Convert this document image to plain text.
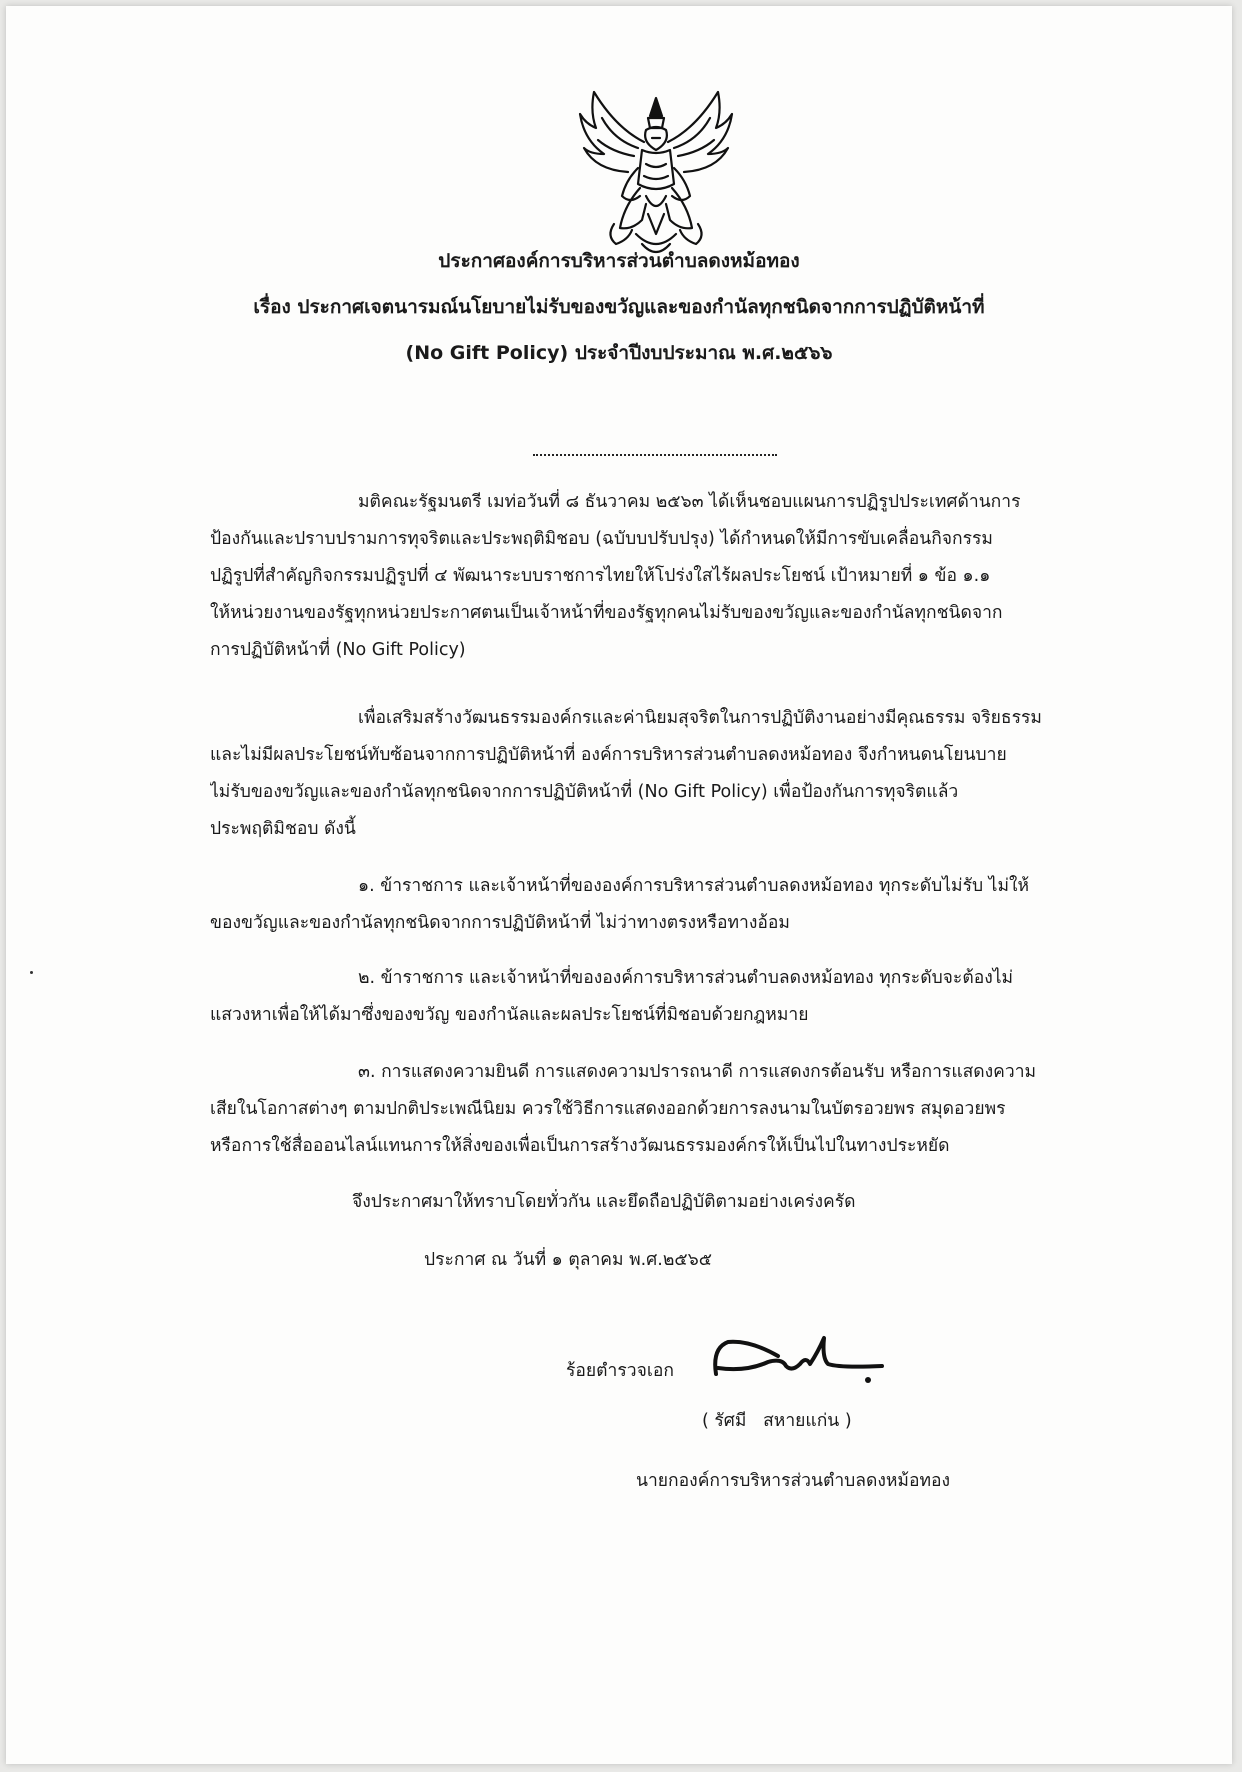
ประกาศองค์การบริหารส่วนตำบลดงหม้อทอง
เรื่อง ประกาศเจตนารมณ์นโยบายไม่รับของขวัญและของกำนัลทุกชนิดจากการปฏิบัติหน้าที่
(No Gift Policy) ประจำปีงบประมาณ พ.ศ.๒๕๖๖
มติคณะรัฐมนตรี เมท่อวันที่ ๘ ธันวาคม ๒๕๖๓ ได้เห็นชอบแผนการปฏิรูปประเทศด้านการ
ป้องกันและปราบปรามการทุจริตและประพฤติมิชอบ (ฉบับบปรับปรุง) ได้กำหนดให้มีการขับเคลื่อนกิจกรรม
ปฏิรูปที่สำคัญกิจกรรมปฏิรูปที่ ๔ พัฒนาระบบราชการไทยให้โปร่งใสไร้ผลประโยชน์ เป้าหมายที่ ๑ ข้อ ๑.๑
ให้หน่วยงานของรัฐทุกหน่วยประกาศตนเป็นเจ้าหน้าที่ของรัฐทุกคนไม่รับของขวัญและของกำนัลทุกชนิดจาก
การปฏิบัติหน้าที่ (No Gift Policy)
เพื่อเสริมสร้างวัฒนธรรมองค์กรและค่านิยมสุจริตในการปฏิบัติงานอย่างมีคุณธรรม จริยธรรม
และไม่มีผลประโยชน์ทับซ้อนจากการปฏิบัติหน้าที่ องค์การบริหารส่วนตำบลดงหม้อทอง จึงกำหนดนโยนบาย
ไม่รับของขวัญและของกำนัลทุกชนิดจากการปฏิบัติหน้าที่ (No Gift Policy) เพื่อป้องกันการทุจริตแล้ว
ประพฤติมิชอบ ดังนี้
๑. ข้าราชการ และเจ้าหน้าที่ขององค์การบริหารส่วนตำบลดงหม้อทอง ทุกระดับไม่รับ ไม่ให้
ของขวัญและของกำนัลทุกชนิดจากการปฏิบัติหน้าที่ ไม่ว่าทางตรงหรือทางอ้อม
๒. ข้าราชการ และเจ้าหน้าที่ขององค์การบริหารส่วนตำบลดงหม้อทอง ทุกระดับจะต้องไม่
แสวงหาเพื่อให้ได้มาซึ่งของขวัญ ของกำนัลและผลประโยชน์ที่มิชอบด้วยกฎหมาย
๓. การแสดงความยินดี การแสดงความปรารถนาดี การแสดงกรต้อนรับ หรือการแสดงความ
เสียในโอกาสต่างๆ ตามปกติประเพณีนิยม ควรใช้วิธีการแสดงออกด้วยการลงนามในบัตรอวยพร สมุดอวยพร
หรือการใช้สื่อออนไลน์แทนการให้สิ่งของเพื่อเป็นการสร้างวัฒนธรรมองค์กรให้เป็นไปในทางประหยัด
จึงประกาศมาให้ทราบโดยทั่วกัน และยึดถือปฏิบัติตามอย่างเคร่งครัด
ประกาศ ณ วันที่ ๑ ตุลาคม พ.ศ.๒๕๖๕
ร้อยตำรวจเอก
( รัศมี   สหายแก่น )
นายกองค์การบริหารส่วนตำบลดงหม้อทอง
